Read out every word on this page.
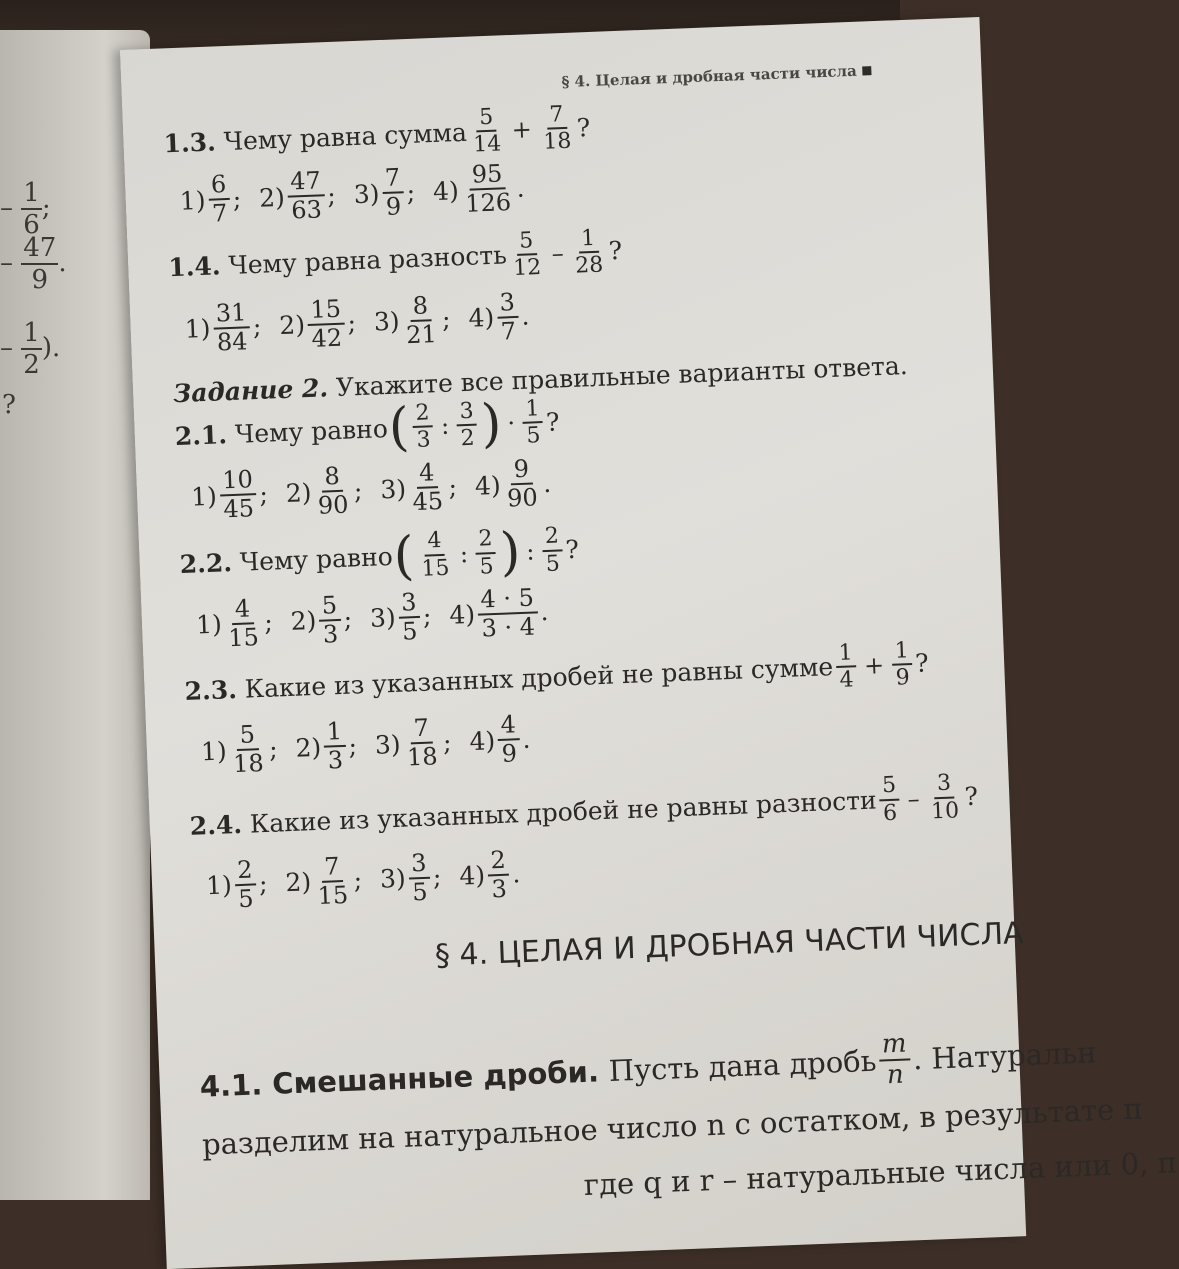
– $\frac{1}{6}$ ;
– $\frac{47}{9}$ .
– $\frac{1}{2}$ ).
?
§ 4. Целая и дробная части числа
1.3.
Чему равна сумма $\frac{5}{14} + \frac{7}{18}$ ?
$1) \frac{6}{7}$ ; $2) \frac{47}{63}$ ; $3) \frac{7}{9}$ ; $4) \frac{95}{126}$ .
1.4.
Чему равна разность $\frac{5}{12} - \frac{1}{28}$ ?
$1) \frac{31}{84}$ ; $2) \frac{15}{42}$ ; $3) \frac{8}{21}$ ; $4) \frac{3}{7}$ .
Задание 2.
Укажите все правильные варианты ответа.
2.1.
Чему равно ( $\frac{2}{3}$ : $\frac{3}{2}$ ) · $\frac{1}{5}$ ?
$1) \frac{10}{45}$ ; $2) \frac{8}{90}$ ; $3) \frac{4}{45}$ ; $4) \frac{9}{90}$ .
2.2.
Чему равно ( $\frac{4}{15}$ : $\frac{2}{5}$ ) : $\frac{2}{5}$ ?
$1) \frac{4}{15}$ ; $2) \frac{5}{3}$ ; $3) \frac{3}{5}$ ; $4) \frac{4 \cdot 5}{3 \cdot 4}$ .
2.3.
Какие из указанных дробей не равны сумме $\frac{1}{4} + \frac{1}{9}$ ?
$1) \frac{5}{18}$ ; $2) \frac{1}{3}$ ; $3) \frac{7}{18}$ ; $4) \frac{4}{9}$ .
2.4.
Какие из указанных дробей не равны разности $\frac{5}{6} - \frac{3}{10}$ ?
$1) \frac{2}{5}$ ; $2) \frac{7}{15}$ ; $3) \frac{3}{5}$ ; $4) \frac{2}{3}$ .
§ 4. ЦЕЛАЯ И ДРОБНАЯ ЧАСТИ ЧИСЛА
4.1. Смешанные дроби. Пусть дана дробь $\frac{m}{n}$ . Натуральн
разделим на натуральное число n с остатком, в результате п
где q и r – натуральные числа или 0, п
